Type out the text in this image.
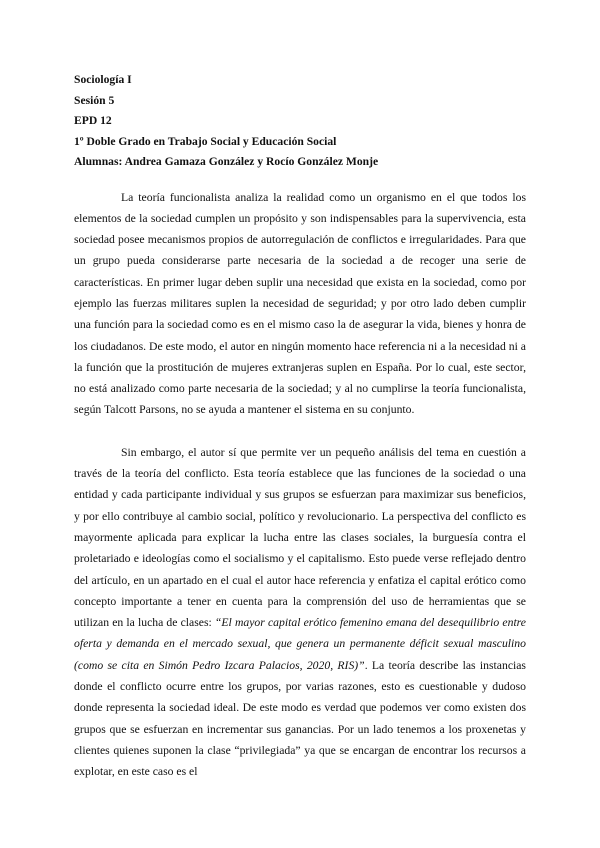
Sociología I
Sesión 5
EPD 12
1º Doble Grado en Trabajo Social y Educación Social
Alumnas: Andrea Gamaza González y Rocío González Monje

La teoría funcionalista analiza la realidad como un organismo en el que todos los elementos de la sociedad cumplen un propósito y son indispensables para la supervivencia, esta sociedad posee mecanismos propios de autorregulación de conflictos e irregularidades. Para que un grupo pueda considerarse parte necesaria de la sociedad a de recoger una serie de características. En primer lugar deben suplir una necesidad que exista en la sociedad, como por ejemplo las fuerzas militares suplen la necesidad de seguridad; y por otro lado deben cumplir una función para la sociedad como es en el mismo caso la de asegurar la vida, bienes y honra de los ciudadanos. De este modo, el autor en ningún momento hace referencia ni a la necesidad ni a la función que la prostitución de mujeres extranjeras suplen en España. Por lo cual, este sector, no está analizado como parte necesaria de la sociedad; y al no cumplirse la teoría funcionalista, según Talcott Parsons, no se ayuda a mantener el sistema en su conjunto.

Sin embargo, el autor sí que permite ver un pequeño análisis del tema en cuestión a través de la teoría del conflicto. Esta teoría establece que las funciones de la sociedad o una entidad y cada participante individual y sus grupos se esfuerzan para maximizar sus beneficios, y por ello contribuye al cambio social, político y revolucionario. La perspectiva del conflicto es mayormente aplicada para explicar la lucha entre las clases sociales, la burguesía contra el proletariado e ideologías como el socialismo y el capitalismo. Esto puede verse reflejado dentro del artículo, en un apartado en el cual el autor hace referencia y enfatiza el capital erótico como concepto importante a tener en cuenta para la comprensión del uso de herramientas que se utilizan en la lucha de clases: “El mayor capital erótico femenino emana del desequilibrio entre oferta y demanda en el mercado sexual, que genera un permanente déficit sexual masculino (como se cita en Simón Pedro Izcara Palacios, 2020, RIS)”. La teoría describe las instancias donde el conflicto ocurre entre los grupos, por varias razones, esto es cuestionable y dudoso donde representa la sociedad ideal. De este modo es verdad que podemos ver como existen dos grupos que se esfuerzan en incrementar sus ganancias. Por un lado tenemos a los proxenetas y clientes quienes suponen la clase “privilegiada” ya que se encargan de encontrar los recursos a explotar, en este caso es el
